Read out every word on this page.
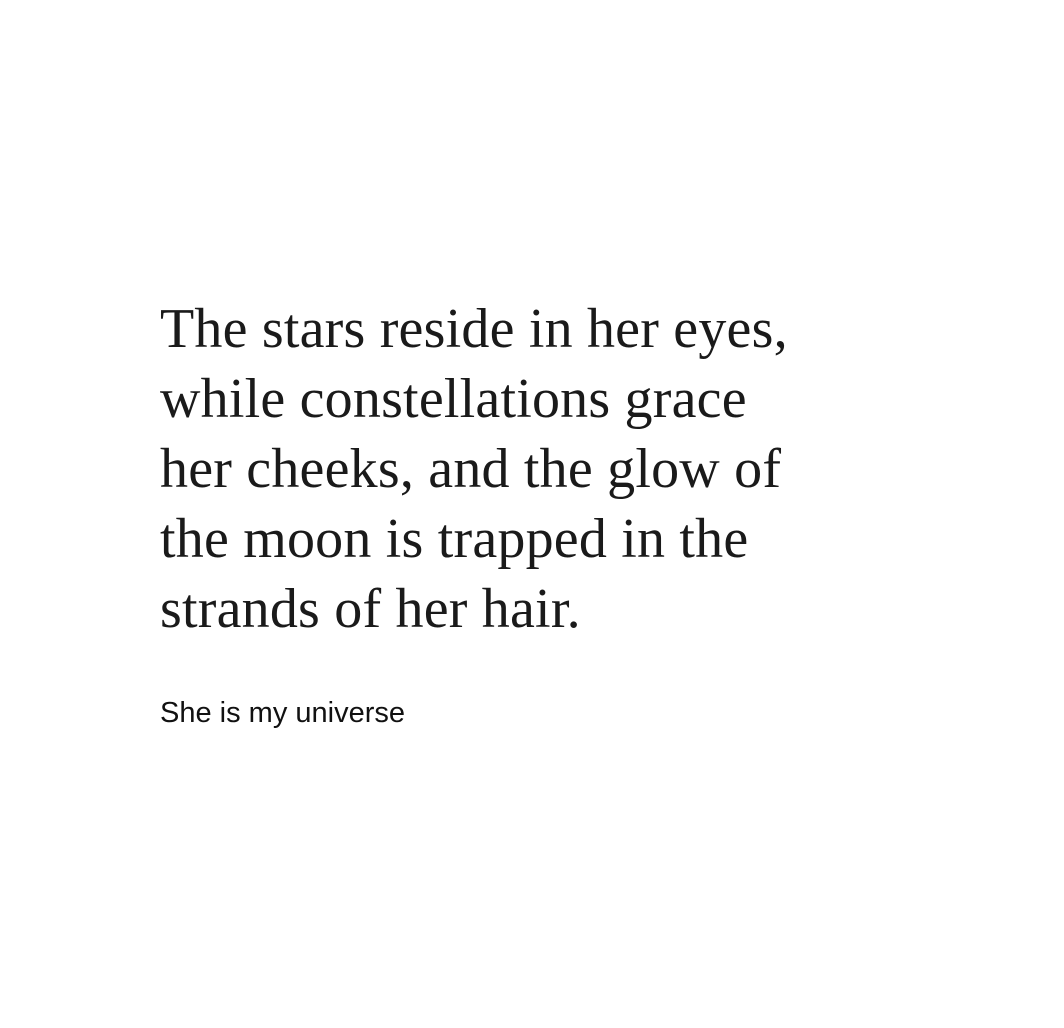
The stars reside in her eyes,
while constellations grace
her cheeks, and the glow of
the moon is trapped in the
strands of her hair.

She is my universe
